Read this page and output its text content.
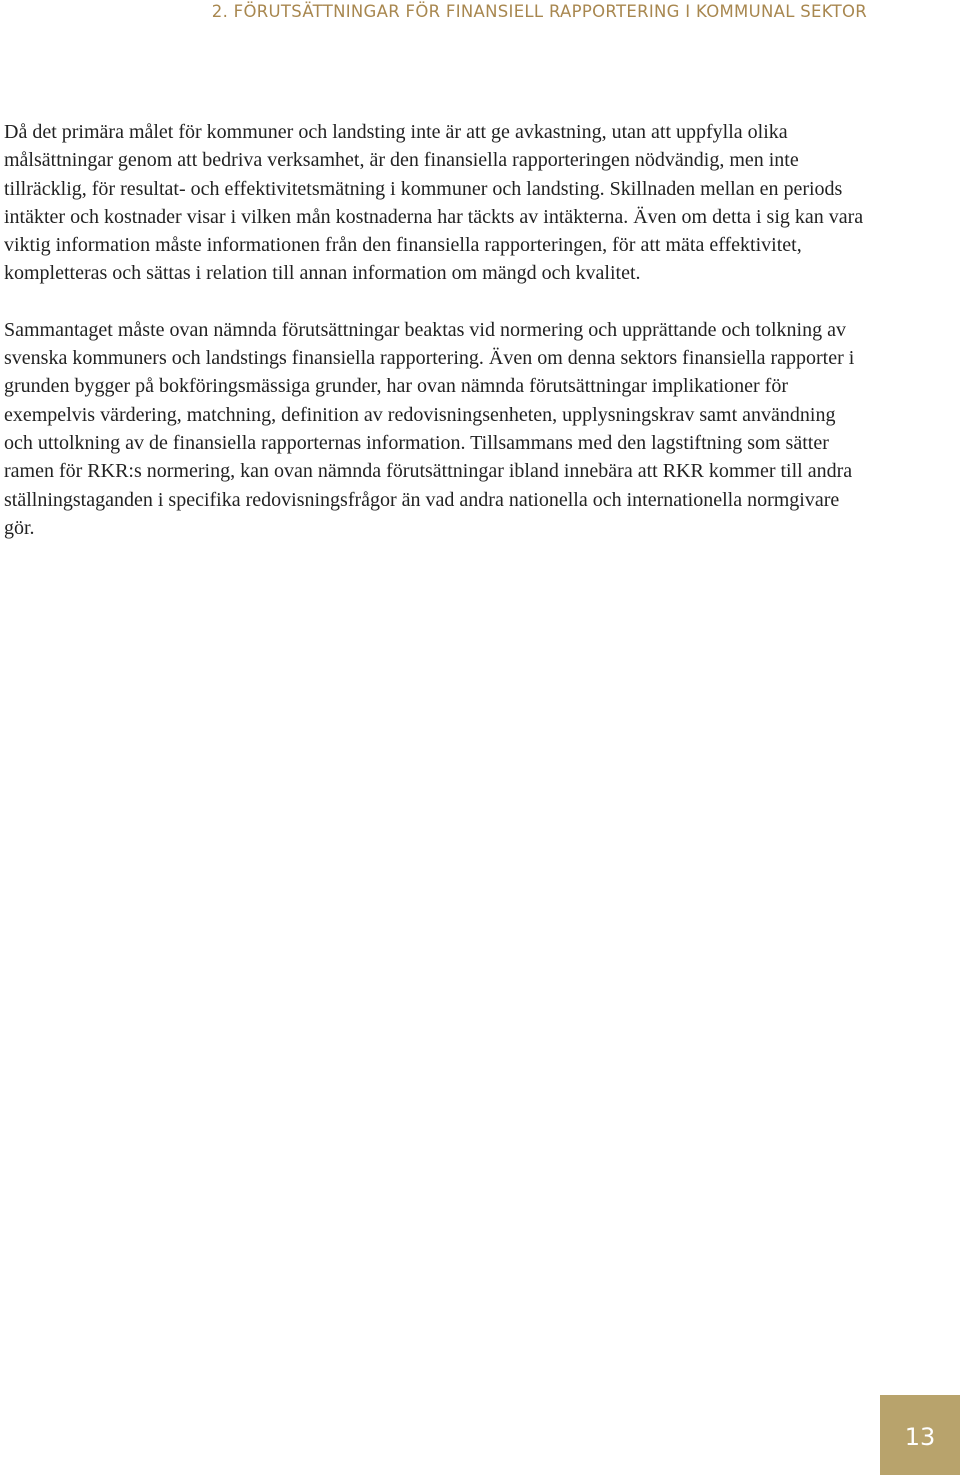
2. FÖRUTSÄTTNINGAR FÖR FINANSIELL RAPPORTERING I KOMMUNAL SEKTOR

Då det primära målet för kommuner och landsting inte är att ge avkastning, utan att uppfylla olika målsättningar genom att bedriva verksamhet, är den finansiella rapporteringen nödvändig, men inte tillräcklig, för resultat- och effektivitetsmätning i kommuner och landsting. Skillnaden mellan en periods intäkter och kostnader visar i vilken mån kostnaderna har täckts av intäkterna. Även om detta i sig kan vara viktig information måste informationen från den finansiella rapporteringen, för att mäta effektivitet, kompletteras och sättas i relation till annan information om mängd och kvalitet.

Sammantaget måste ovan nämnda förutsättningar beaktas vid normering och upprättande och tolkning av svenska kommuners och landstings finansiella rapportering. Även om denna sektors finansiella rapporter i grunden bygger på bokföringsmässiga grunder, har ovan nämnda förutsättningar implikationer för exempelvis värdering, matchning, definition av redovisningsenheten, upplysningskrav samt användning och uttolkning av de finansiella rapporternas information. Tillsammans med den lagstiftning som sätter ramen för RKR:s normering, kan ovan nämnda förutsättningar ibland innebära att RKR kommer till andra ställningstaganden i specifika redovisningsfrågor än vad andra nationella och internationella normgivare gör.

13
